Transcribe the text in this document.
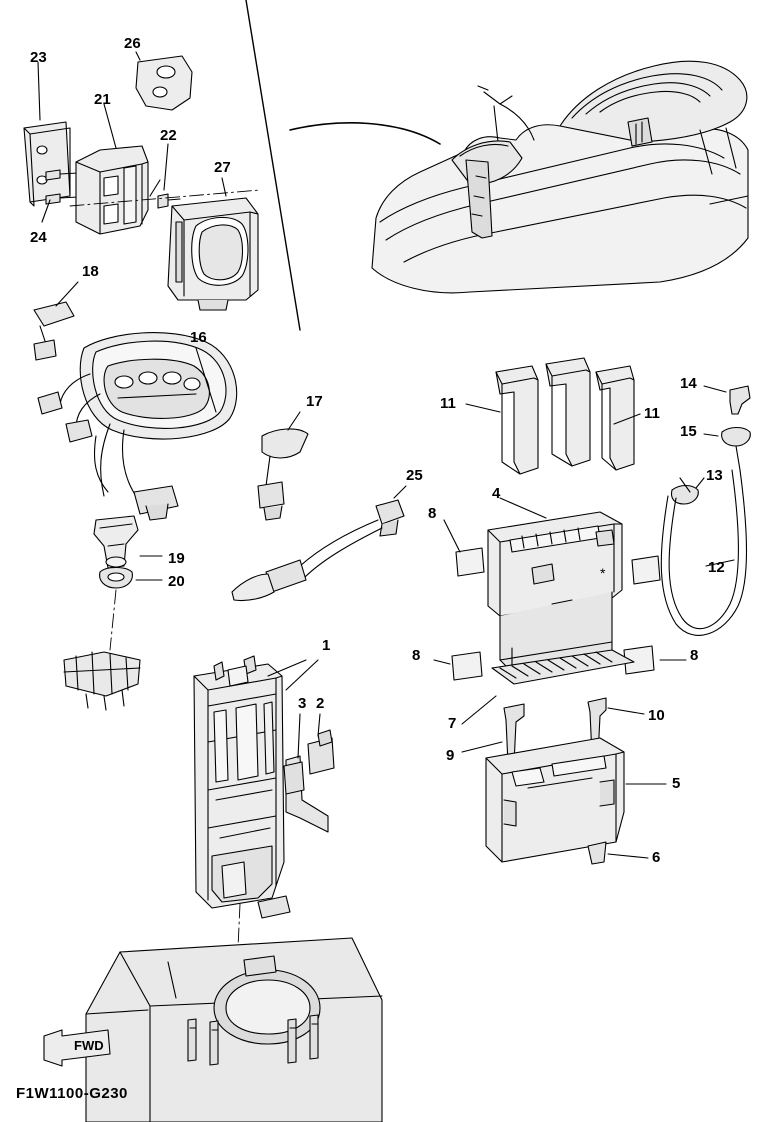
*
FWD
F1W1100-G230
23
26
21
22
27
24
18
16
17
19
20
25
11
11
14
15
13
4
8
12
8	8
7	10
9
5
6
1
3 2
